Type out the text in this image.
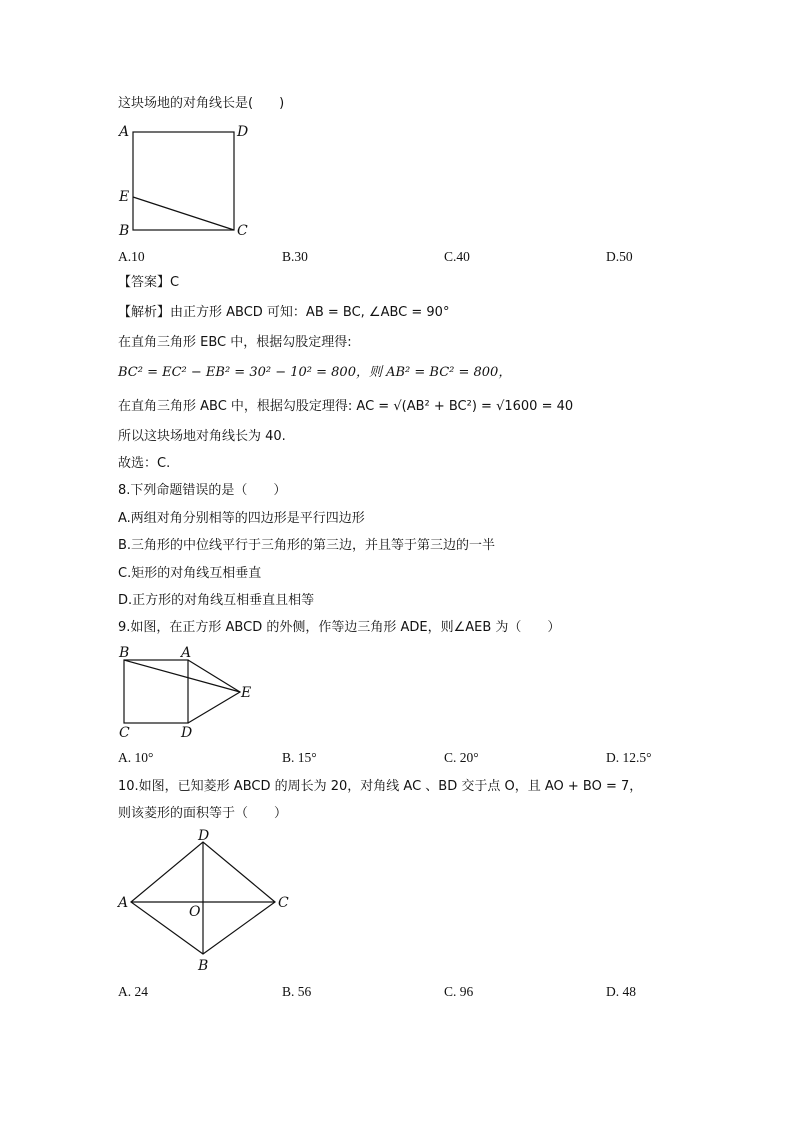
这块场地的对角线长是(　　)
A	D
E
B	C
A.10	B.30	C.40	D.50
【答案】C
【解析】由正方形 ABCD 可知：AB = BC, ∠ABC = 90°
在直角三角形 EBC 中，根据勾股定理得:
BC² = EC² − EB² = 30² − 10² = 800，则 AB² = BC² = 800，
在直角三角形 ABC 中，根据勾股定理得: AC = √(AB² + BC²) = √1600 = 40
所以这块场地对角线长为 40.
故选：C.
8.下列命题错误的是（　　）
A.两组对角分别相等的四边形是平行四边形
B.三角形的中位线平行于三角形的第三边，并且等于第三边的一半
C.矩形的对角线互相垂直
D.正方形的对角线互相垂直且相等
9.如图，在正方形 ABCD 的外侧，作等边三角形 ADE，则∠AEB 为（　　）
B	A
E
C	D
A. 10°	B. 15°	C. 20°	D. 12.5°
10.如图，已知菱形 ABCD 的周长为 20，对角线 AC 、BD 交于点 O，且 AO + BO = 7，
则该菱形的面积等于（　　）
D
A
O
C
B
A. 24	B. 56	C. 96	D. 48
